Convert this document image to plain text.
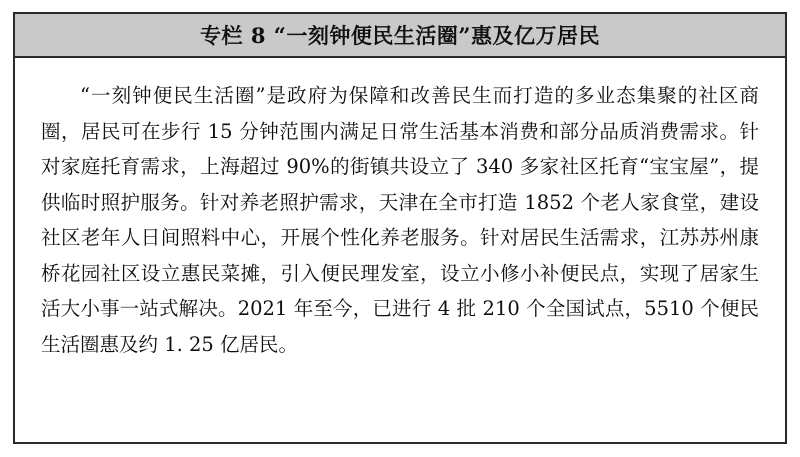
专栏 8 “一刻钟便民生活圈”惠及亿万居民

“一刻钟便民生活圈”是政府为保障和改善民生而打造的多业态集聚的社区商圈，居民可在步行 15 分钟范围内满足日常生活基本消费和部分品质消费需求。针对家庭托育需求，上海超过 90%的街镇共设立了 340 多家社区托育“宝宝屋”，提供临时照护服务。针对养老照护需求，天津在全市打造 1852 个老人家食堂，建设社区老年人日间照料中心，开展个性化养老服务。针对居民生活需求，江苏苏州康桥花园社区设立惠民菜摊，引入便民理发室，设立小修小补便民点，实现了居家生活大小事一站式解决。2021 年至今，已进行 4 批 210 个全国试点，5510 个便民生活圈惠及约 1. 25 亿居民。
